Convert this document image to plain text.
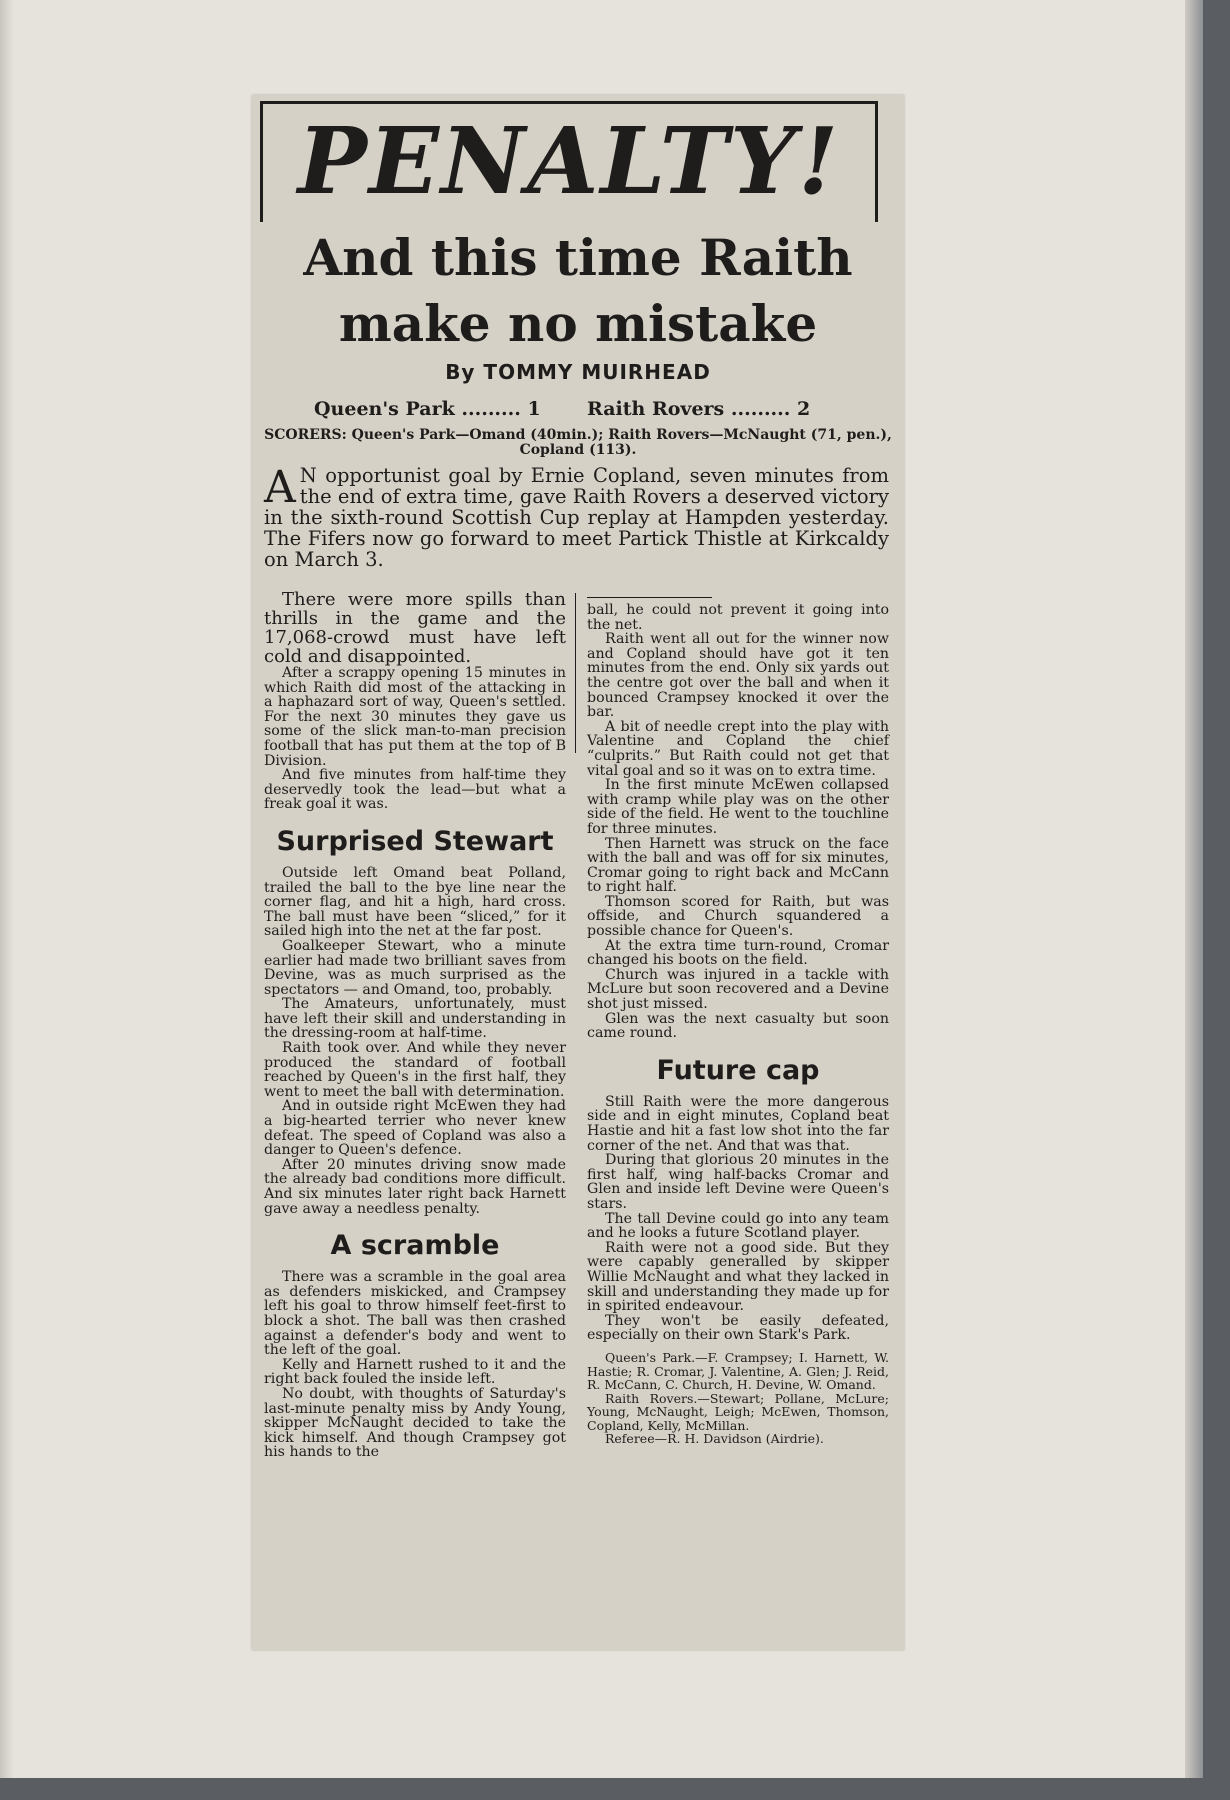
PENALTY!
And this time Raith
make no mistake
By TOMMY MUIRHEAD
Queen's Park ......... 1 Raith Rovers ......... 2
SCORERS: Queen's Park—Omand (40min.); Raith Rovers—McNaught (71, pen.), Copland (113).
A N opportunist goal by Ernie Copland, seven minutes from the end of extra time, gave Raith Rovers a deserved victory in the sixth-round Scottish Cup replay at Hampden yesterday. The Fifers now go forward to meet Partick Thistle at Kirkcaldy on March 3.

There were more spills than thrills in the game and the 17,068-crowd must have left cold and disappointed.

After a scrappy opening 15 minutes in which Raith did most of the attacking in a haphazard sort of way, Queen's settled. For the next 30 minutes they gave us some of the slick man-to-man precision football that has put them at the top of B Division.

And five minutes from half-time they deservedly took the lead—but what a freak goal it was.

Surprised Stewart

Outside left Omand beat Polland, trailed the ball to the bye line near the corner flag, and hit a high, hard cross. The ball must have been “sliced,” for it sailed high into the net at the far post.

Goalkeeper Stewart, who a minute earlier had made two brilliant saves from Devine, was as much surprised as the spectators — and Omand, too, probably.

The Amateurs, unfortunately, must have left their skill and understanding in the dressing-room at half-time.

Raith took over. And while they never produced the standard of football reached by Queen's in the first half, they went to meet the ball with determination.

And in outside right McEwen they had a big-hearted terrier who never knew defeat. The speed of Copland was also a danger to Queen's defence.

After 20 minutes driving snow made the already bad conditions more difficult. And six minutes later right back Harnett gave away a needless penalty.

A scramble

There was a scramble in the goal area as defenders miskicked, and Crampsey left his goal to throw himself feet-first to block a shot. The ball was then crashed against a defender's body and went to the left of the goal.

Kelly and Harnett rushed to it and the right back fouled the inside left.

No doubt, with thoughts of Saturday's last-minute penalty miss by Andy Young, skipper McNaught decided to take the kick himself. And though Crampsey got his hands to the

ball, he could not prevent it going into the net.

Raith went all out for the winner now and Copland should have got it ten minutes from the end. Only six yards out the centre got over the ball and when it bounced Crampsey knocked it over the bar.

A bit of needle crept into the play with Valentine and Copland the chief “culprits.” But Raith could not get that vital goal and so it was on to extra time.

In the first minute McEwen collapsed with cramp while play was on the other side of the field. He went to the touchline for three minutes.

Then Harnett was struck on the face with the ball and was off for six minutes, Cromar going to right back and McCann to right half.

Thomson scored for Raith, but was offside, and Church squandered a possible chance for Queen's.

At the extra time turn-round, Cromar changed his boots on the field.

Church was injured in a tackle with McLure but soon recovered and a Devine shot just missed.

Glen was the next casualty but soon came round.

Future cap

Still Raith were the more dangerous side and in eight minutes, Copland beat Hastie and hit a fast low shot into the far corner of the net. And that was that.

During that glorious 20 minutes in the first half, wing half-backs Cromar and Glen and inside left Devine were Queen's stars.

The tall Devine could go into any team and he looks a future Scotland player.

Raith were not a good side. But they were capably generalled by skipper Willie McNaught and what they lacked in skill and understanding they made up for in spirited endeavour.

They won't be easily defeated, especially on their own Stark's Park.

Queen's Park.—F. Crampsey; I. Harnett, W. Hastie; R. Cromar, J. Valentine, A. Glen; J. Reid, R. McCann, C. Church, H. Devine, W. Omand.

Raith Rovers.—Stewart; Pollane, McLure; Young, McNaught, Leigh; McEwen, Thomson, Copland, Kelly, McMillan.

Referee—R. H. Davidson (Airdrie).
